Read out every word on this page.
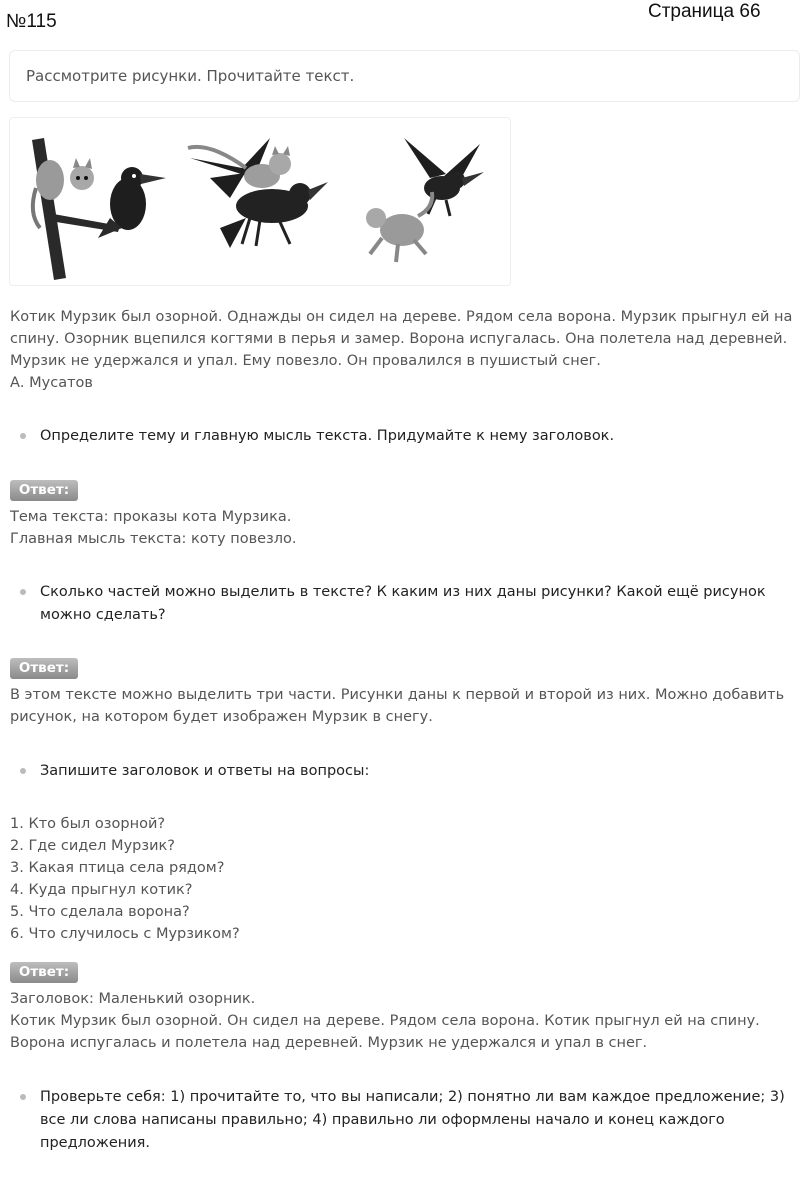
№115	Страница 66
Рассмотрите рисунки. Прочитайте текст.
Котик Мурзик был озорной. Однажды он сидел на дереве. Рядом села ворона. Мурзик прыгнул ей на
спину. Озорник вцепился когтями в перья и замер. Ворона испугалась. Она полетела над деревней.
Мурзик не удержался и упал. Ему повезло. Он провалился в пушистый снег.
А. Мусатов
Определите тему и главную мысль текста. Придумайте к нему заголовок.
Ответ:
Тема текста: проказы кота Мурзика.
Главная мысль текста: коту повезло.
Сколько частей можно выделить в тексте? К каким из них даны рисунки? Какой ещё рисунок
можно сделать?
Ответ:
В этом тексте можно выделить три части. Рисунки даны к первой и второй из них. Можно добавить
рисунок, на котором будет изображен Мурзик в снегу.
Запишите заголовок и ответы на вопросы:
1. Кто был озорной?
2. Где сидел Мурзик?
3. Какая птица села рядом?
4. Куда прыгнул котик?
5. Что сделала ворона?
6. Что случилось с Мурзиком?
Ответ:
Заголовок: Маленький озорник.
Котик Мурзик был озорной. Он сидел на дереве. Рядом села ворона. Котик прыгнул ей на спину.
Ворона испугалась и полетела над деревней. Мурзик не удержался и упал в снег.
Проверьте себя: 1) прочитайте то, что вы написали; 2) понятно ли вам каждое предложение; 3)
все ли слова написаны правильно; 4) правильно ли оформлены начало и конец каждого
предложения.
